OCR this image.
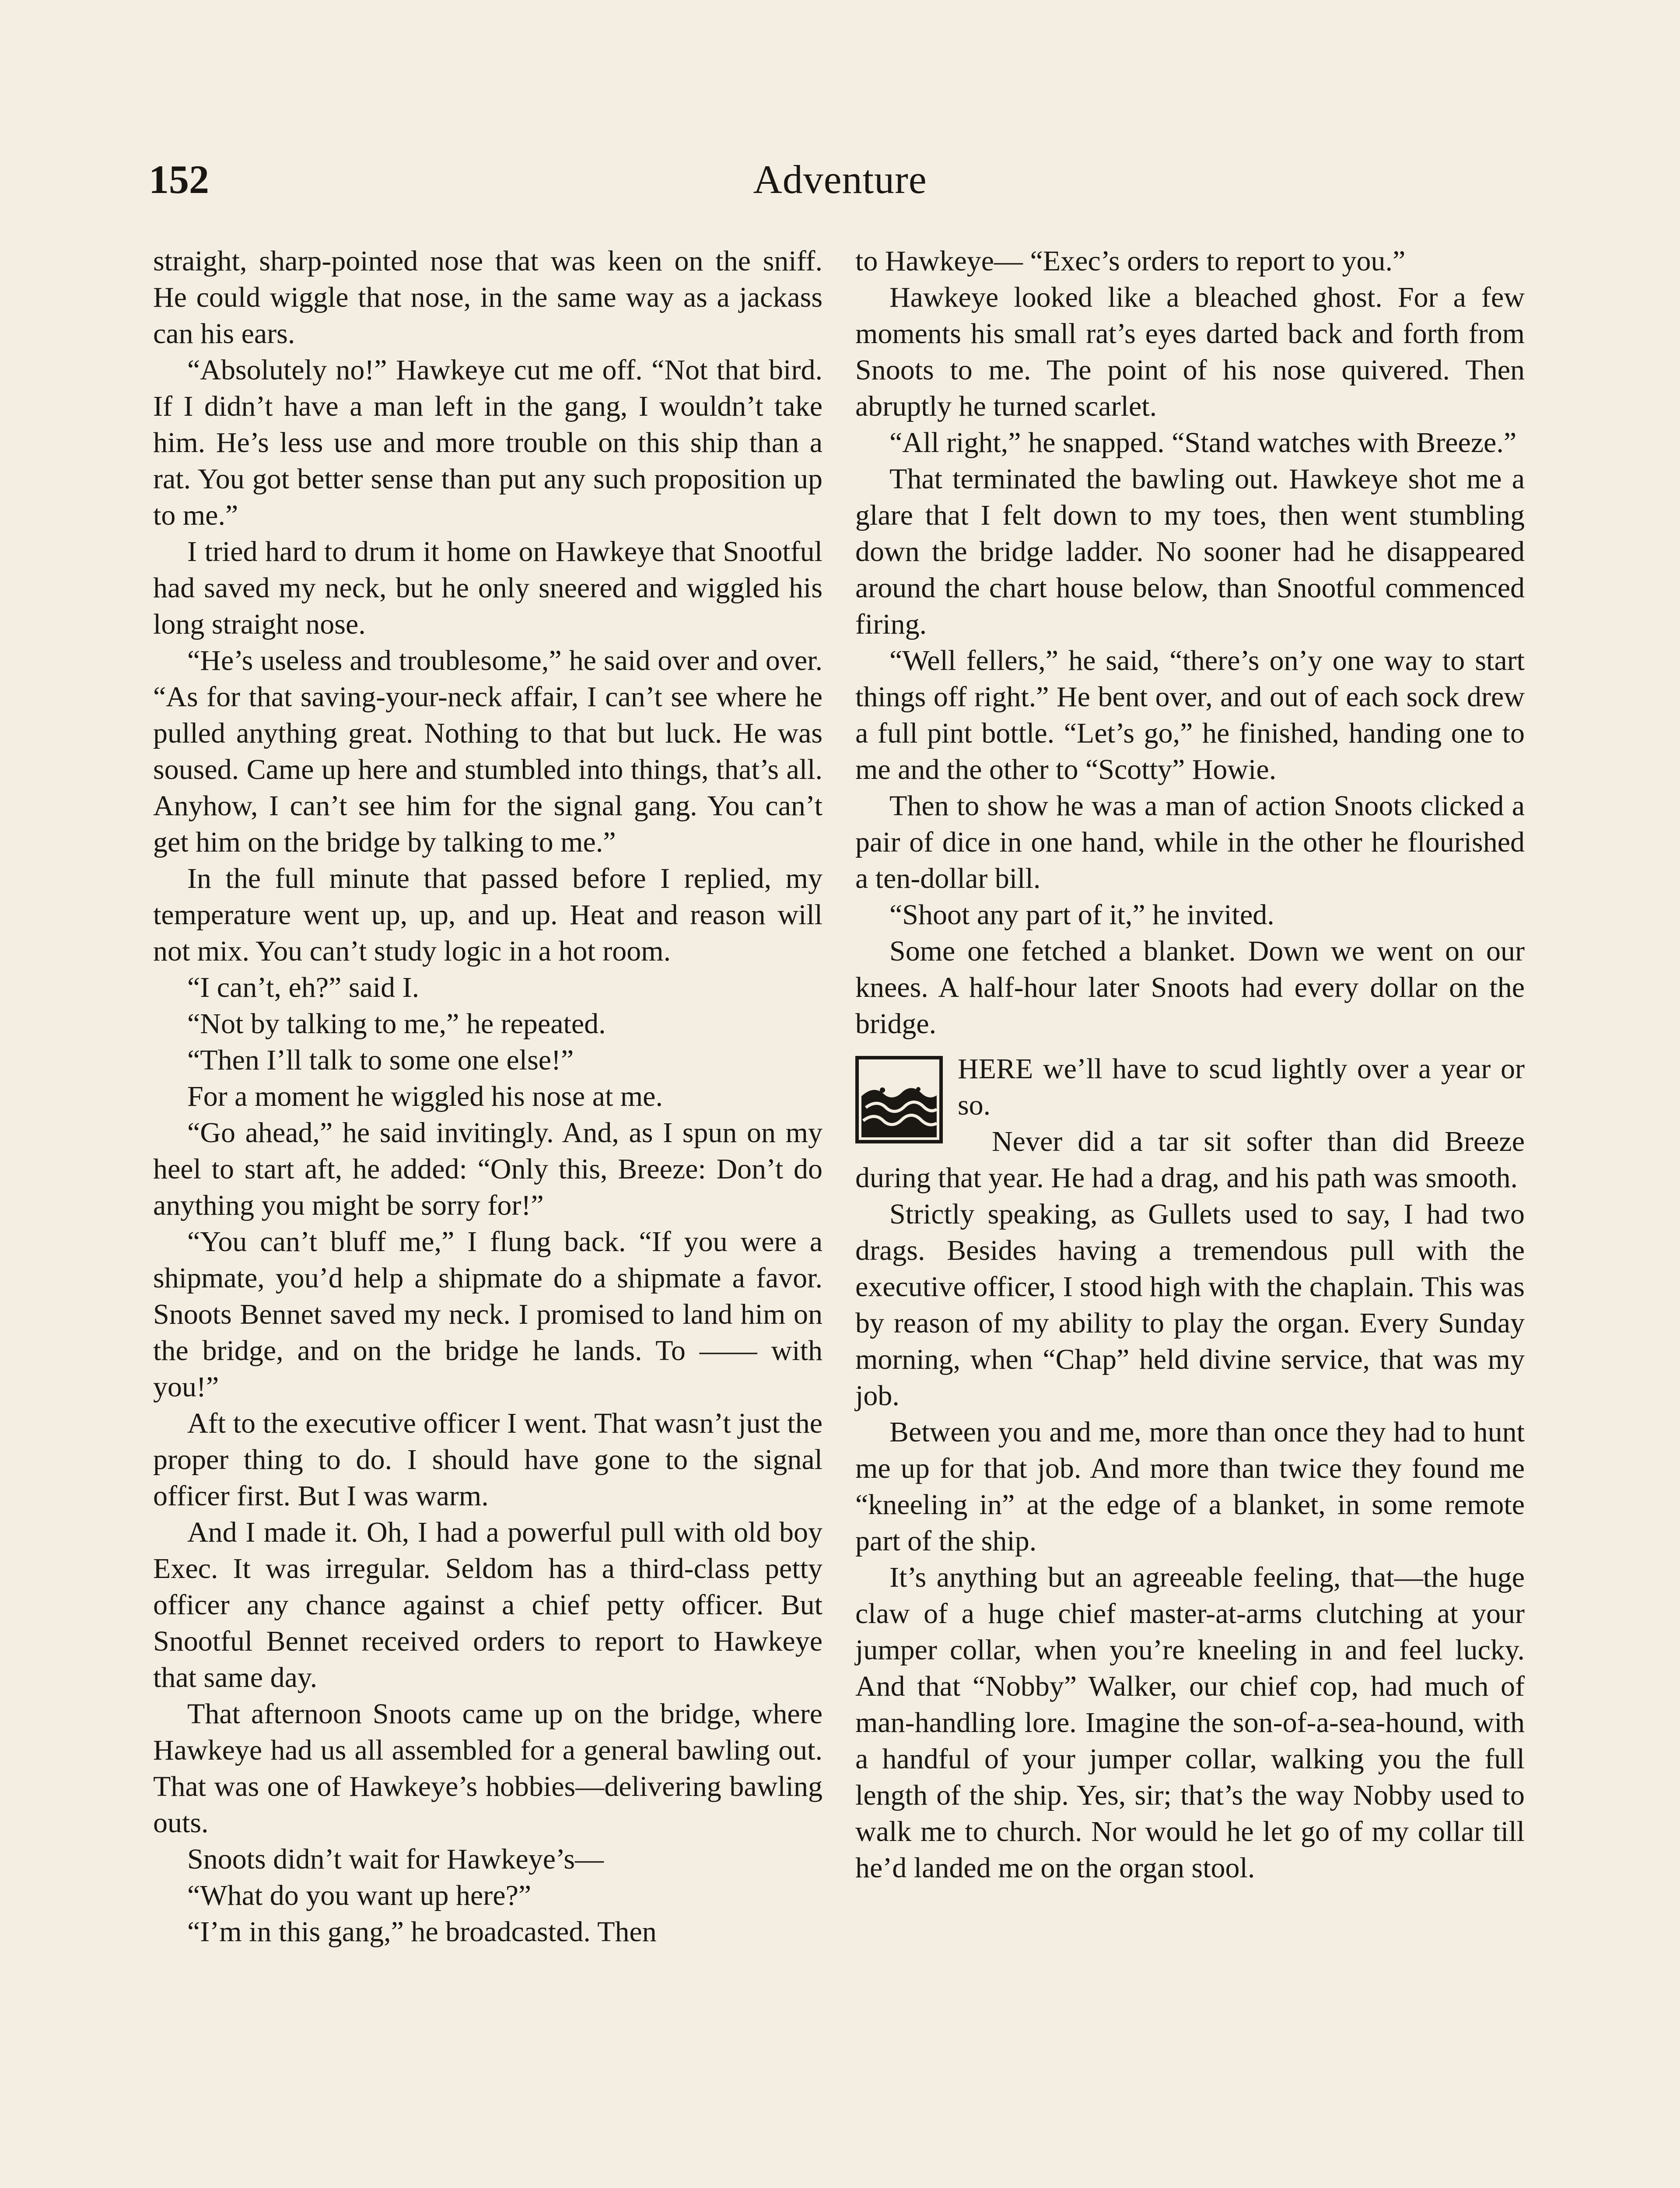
152	Adventure

straight, sharp-pointed nose that was keen on the sniff. He could wiggle that nose, in the same way as a jackass can his ears.

“Absolutely no!” Hawkeye cut me off. “Not that bird. If I didn’t have a man left in the gang, I wouldn’t take him. He’s less use and more trouble on this ship than a rat. You got better sense than put any such proposition up to me.”

I tried hard to drum it home on Hawkeye that Snootful had saved my neck, but he only sneered and wiggled his long straight nose.

“He’s useless and troublesome,” he said over and over. “As for that saving-your-neck affair, I can’t see where he pulled anything great. Nothing to that but luck. He was soused. Came up here and stumbled into things, that’s all. Anyhow, I can’t see him for the signal gang. You can’t get him on the bridge by talking to me.”

In the full minute that passed before I replied, my temperature went up, up, and up. Heat and reason will not mix. You can’t study logic in a hot room.

“I can’t, eh?” said I.

“Not by talking to me,” he repeated.

“Then I’ll talk to some one else!”

For a moment he wiggled his nose at me.

“Go ahead,” he said invitingly. And, as I spun on my heel to start aft, he added: “Only this, Breeze: Don’t do anything you might be sorry for!”

“You can’t bluff me,” I flung back. “If you were a shipmate, you’d help a shipmate do a shipmate a favor. Snoots Bennet saved my neck. I promised to land him on the bridge, and on the bridge he lands. To —— with you!”

Aft to the executive officer I went. That wasn’t just the proper thing to do. I should have gone to the signal officer first. But I was warm.

And I made it. Oh, I had a powerful pull with old boy Exec. It was irregular. Seldom has a third-class petty officer any chance against a chief petty officer. But Snootful Bennet received orders to report to Hawkeye that same day.

That afternoon Snoots came up on the bridge, where Hawkeye had us all assembled for a general bawling out. That was one of Hawkeye’s hobbies—delivering bawling outs.

Snoots didn’t wait for Hawkeye’s—

“What do you want up here?”

“I’m in this gang,” he broadcasted. Then

to Hawkeye— “Exec’s orders to report to you.”

Hawkeye looked like a bleached ghost. For a few moments his small rat’s eyes darted back and forth from Snoots to me. The point of his nose quivered. Then abruptly he turned scarlet.

“All right,” he snapped. “Stand watches with Breeze.”

That terminated the bawling out. Hawkeye shot me a glare that I felt down to my toes, then went stumbling down the bridge ladder. No sooner had he disappeared around the chart house below, than Snootful commenced firing.

“Well fellers,” he said, “there’s on’y one way to start things off right.” He bent over, and out of each sock drew a full pint bottle. “Let’s go,” he finished, handing one to me and the other to “Scotty” Howie.

Then to show he was a man of action Snoots clicked a pair of dice in one hand, while in the other he flourished a ten-dollar bill.

“Shoot any part of it,” he invited.

Some one fetched a blanket. Down we went on our knees. A half-hour later Snoots had every dollar on the bridge.

HERE we’ll have to scud lightly over a year or so.

Never did a tar sit softer than did Breeze during that year. He had a drag, and his path was smooth.

Strictly speaking, as Gullets used to say, I had two drags. Besides having a tremendous pull with the executive officer, I stood high with the chaplain. This was by reason of my ability to play the organ. Every Sunday morning, when “Chap” held divine service, that was my job.

Between you and me, more than once they had to hunt me up for that job. And more than twice they found me “kneeling in” at the edge of a blanket, in some remote part of the ship.

It’s anything but an agreeable feeling, that—the huge claw of a huge chief master-at-arms clutching at your jumper collar, when you’re kneeling in and feel lucky. And that “Nobby” Walker, our chief cop, had much of man-handling lore. Imagine the son-of-a-sea-hound, with a handful of your jumper collar, walking you the full length of the ship. Yes, sir; that’s the way Nobby used to walk me to church. Nor would he let go of my collar till he’d landed me on the organ stool.
